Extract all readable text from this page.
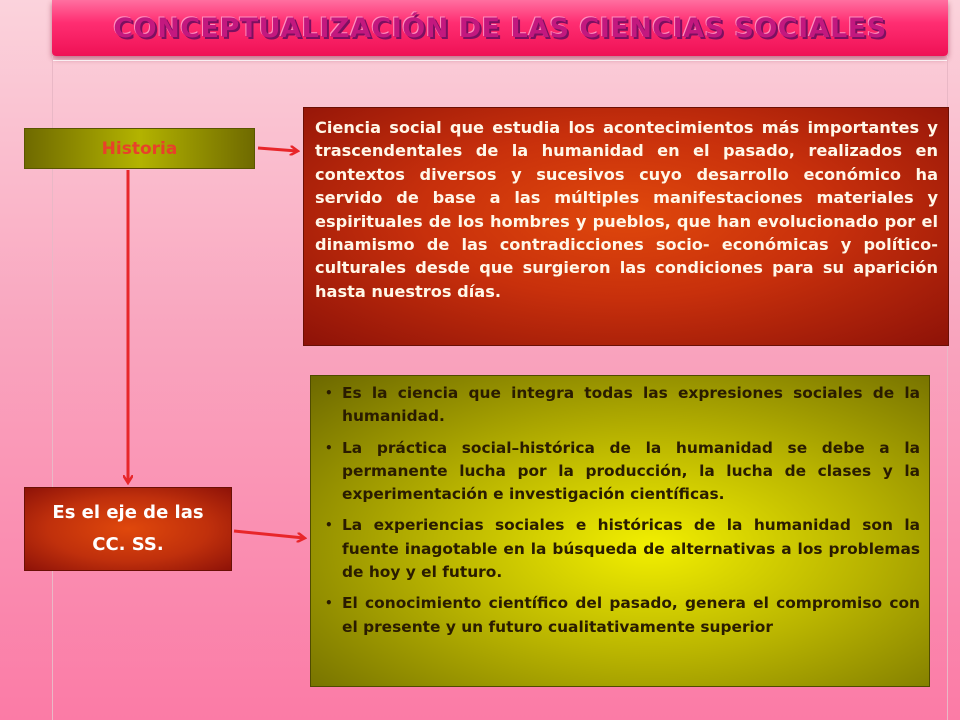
CONCEPTUALIZACIÓN DE LAS CIENCIAS SOCIALES
Historia

Ciencia social que estudia los acontecimientos más importantes y trascendentales de la humanidad en el pasado, realizados en contextos diversos y sucesivos cuyo desarrollo económico ha servido de base a las múltiples manifestaciones materiales y espirituales de los hombres y pueblos, que han evolucionado por el dinamismo de las contradicciones socio- económicas y político-culturales desde que surgieron las condiciones para su aparición hasta nuestros días.

Es el eje de las
CC. SS.
• Es la ciencia que integra todas las expresiones sociales de la humanidad.
• La práctica social–histórica de la humanidad se debe a la permanente lucha por la producción, la lucha de clases y la experimentación e investigación científicas.
• La experiencias sociales e históricas de la humanidad son la fuente inagotable en la búsqueda de alternativas a los problemas de hoy y el futuro.
• El conocimiento científico del pasado, genera el compromiso con el presente y un futuro cualitativamente superior
